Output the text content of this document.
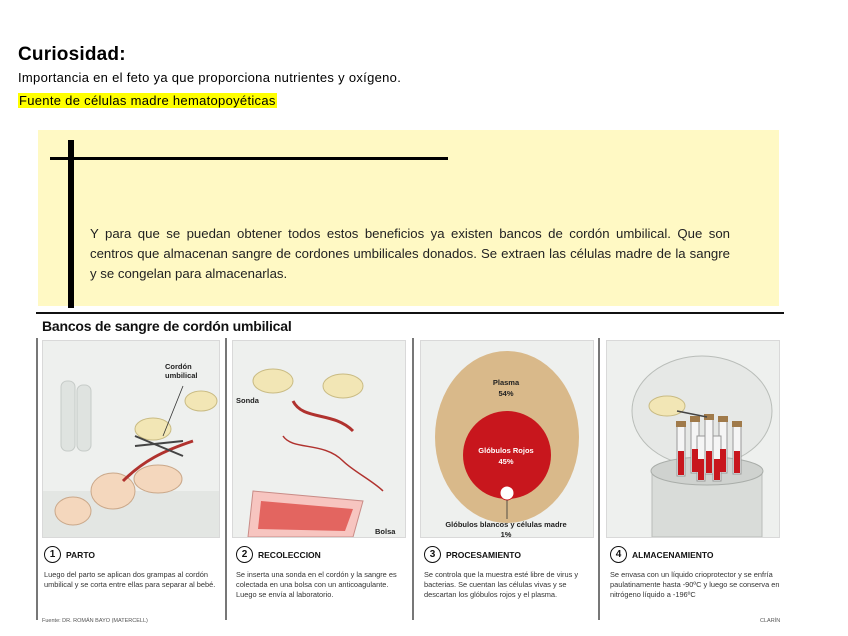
Curiosidad:
Importancia en el feto ya que proporciona nutrientes y oxígeno.
Fuente de células madre hematopoyéticas
Y para que se puedan obtener todos estos beneficios ya existen bancos de cordón umbilical. Que son centros que almacenan sangre de cordones umbilicales donados. Se extraen las células madre de la sangre y se congelan para almacenarlas.
Bancos de sangre de cordón umbilical
Cordón umbilical
1	PARTO
Luego del parto se aplican dos grampas al cordón umbilical y se corta entre ellas para separar al bebé.
Sonda
Bolsa
2	RECOLECCION
Se inserta una sonda en el cordón y la sangre es colectada en una bolsa con un anticoagulante. Luego se envía al laboratorio.
Plasma
54%
Glóbulos Rojos
45%
Glóbulos blancos y células madre
1%
3	PROCESAMIENTO
Se controla que la muestra esté libre de virus y bacterias. Se cuentan las células vivas y se descartan los glóbulos rojos y el plasma.
4	ALMACENAMIENTO
Se envasa con un líquido crioprotector y se enfría paulatinamente hasta -90ºC y luego se conserva en nitrógeno líquido a -196ºC
Fuente: DR. ROMÁN BAYO (MATERCELL)	CLARÍN
